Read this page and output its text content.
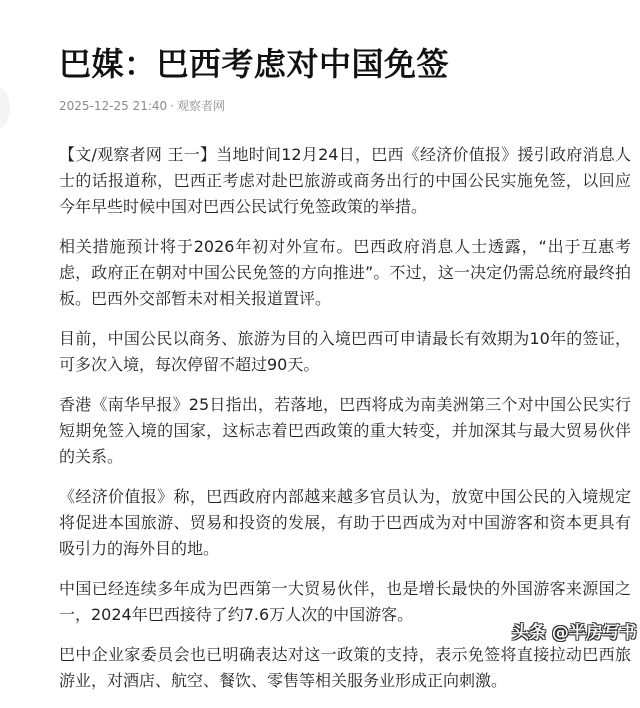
巴媒：巴西考虑对中国免签
2025-12-25 21:40 · 观察者网

【文/观察者网 王一】当地时间12月24日，巴西《经济价值报》援引政府消息人士的话报道称，巴西正考虑对赴巴旅游或商务出行的中国公民实施免签，以回应今年早些时候中国对巴西公民试行免签政策的举措。

相关措施预计将于2026年初对外宣布。巴西政府消息人士透露，“出于互惠考虑，政府正在朝对中国公民免签的方向推进”。不过，这一决定仍需总统府最终拍板。巴西外交部暂未对相关报道置评。

目前，中国公民以商务、旅游为目的入境巴西可申请最长有效期为10年的签证，可多次入境，每次停留不超过90天。

香港《南华早报》25日指出，若落地，巴西将成为南美洲第三个对中国公民实行短期免签入境的国家，这标志着巴西政策的重大转变，并加深其与最大贸易伙伴的关系。

《经济价值报》称，巴西政府内部越来越多官员认为，放宽中国公民的入境规定将促进本国旅游、贸易和投资的发展，有助于巴西成为对中国游客和资本更具有吸引力的海外目的地。

中国已经连续多年成为巴西第一大贸易伙伴，也是增长最快的外国游客来源国之一，2024年巴西接待了约7.6万人次的中国游客。

巴中企业家委员会也已明确表达对这一政策的支持，表示免签将直接拉动巴西旅游业，对酒店、航空、餐饮、零售等相关服务业形成正向刺激。

头条 @半房写书
